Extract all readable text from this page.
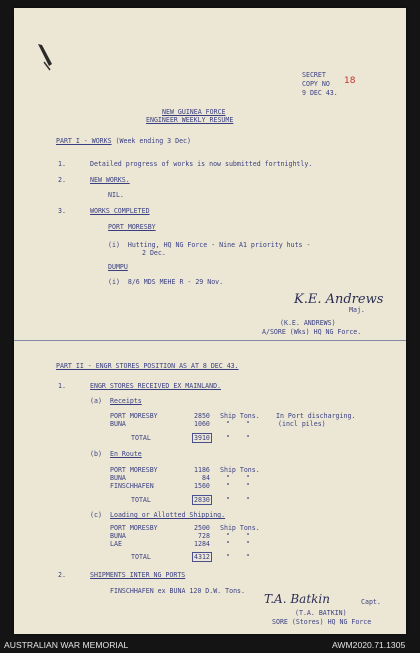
SECRET
COPY NO 18
9 DEC 43.
NEW GUINEA FORCE
ENGINEER WEEKLY RESUME
PART I - WORKS (Week ending 3 Dec)
1.	Detailed progress of works is now submitted fortnightly.
2.	NEW WORKS.
NIL.
3.	WORKS COMPLETED
PORT MORESBY
(i)  Hutting, HQ NG Force - Nine A1 priority huts -
2 Dec.
DUMPU
(i)  8/6 MDS MEHE R - 29 Nov.
K.E. Andrews
Maj.
(K.E. ANDREWS)
A/SORE (Wks) HQ NG Force.
PART II - ENGR STORES POSITION AS AT 8 DEC 43.
1.	ENGR STORES RECEIVED EX MAINLAND.
(a) Receipts
PORT MORESBY	2850 Ship Tons. In Port discharging.
BUNA	1060 "    "	(incl piles)
TOTAL	3910	"    "
(b) En Route
PORT MORESBY	1186 Ship Tons.
BUNA	84 "    "
FINSCHHAFEN	1560 "    "
TOTAL	2830	"    "
(c) Loading or Allotted Shipping.
PORT MORESBY	2500 Ship Tons.
BUNA	728 "    "
LAE	1284 "    "
TOTAL	4312	"    "
2.	SHIPMENTS INTER NG PORTS
FINSCHHAFEN ex BUNA 120 D.W. Tons.
T.A. Batkin	Capt.
(T.A. BATKIN)
SORE (Stores) HQ NG Force
AUSTRALIAN WAR MEMORIAL	AWM2020.71.1305
